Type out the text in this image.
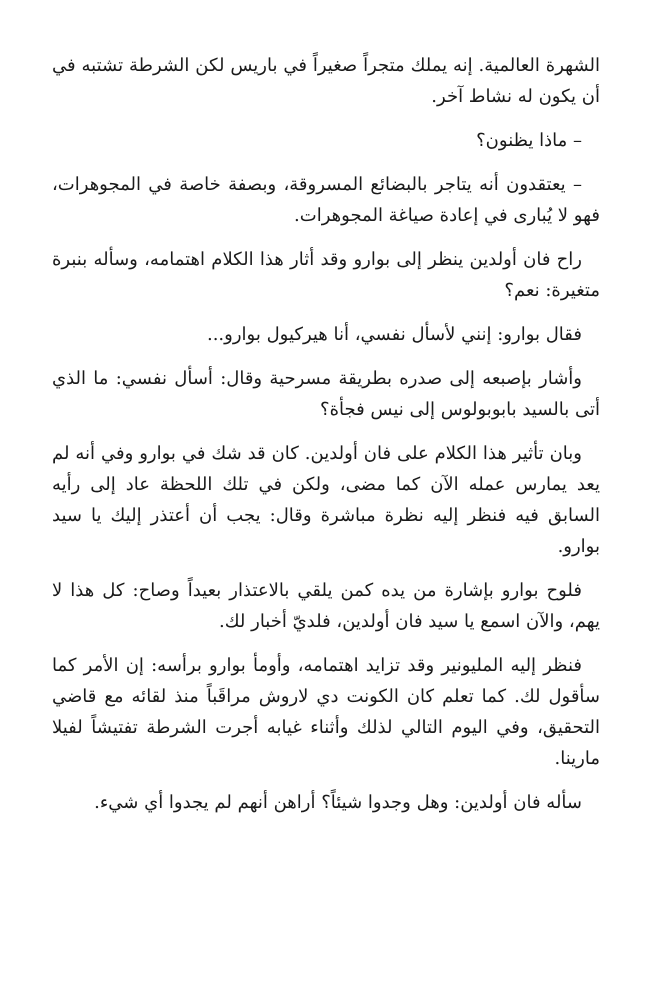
الشهرة العالمية. إنه يملك متجراً صغيراً في باريس لكن الشرطة تشتبه في أن يكون له نشاط آخر.

– ماذا يظنون؟

– يعتقدون أنه يتاجر بالبضائع المسروقة، وبصفة خاصة في المجوهرات، فهو لا يُبارى في إعادة صياغة المجوهرات.

راح فان أولدين ينظر إلى بوارو وقد أثار هذا الكلام اهتمامه، وسأله بنبرة متغيرة: نعم؟

فقال بوارو: إنني لأسأل نفسي، أنا هيركيول بوارو...

وأشار بإصبعه إلى صدره بطريقة مسرحية وقال: أسأل نفسي: ما الذي أتى بالسيد بابوبولوس إلى نيس فجأة؟

وبان تأثير هذا الكلام على فان أولدين. كان قد شك في بوارو وفي أنه لم يعد يمارس عمله الآن كما مضى، ولكن في تلك اللحظة عاد إلى رأيه السابق فيه فنظر إليه نظرة مباشرة وقال: يجب أن أعتذر إليك يا سيد بوارو.

فلوح بوارو بإشارة من يده كمن يلقي بالاعتذار بعيداً وصاح: كل هذا لا يهم، والآن اسمع يا سيد فان أولدين، فلديّ أخبار لك.

فنظر إليه المليونير وقد تزايد اهتمامه، وأومأ بوارو برأسه: إن الأمر كما سأقول لك. كما تعلم كان الكونت دي لاروش مراقَباً منذ لقائه مع قاضي التحقيق، وفي اليوم التالي لذلك وأثناء غيابه أجرت الشرطة تفتيشاً لفيلا مارينا.

سأله فان أولدين: وهل وجدوا شيئاً؟ أراهن أنهم لم يجدوا أي شيء.
